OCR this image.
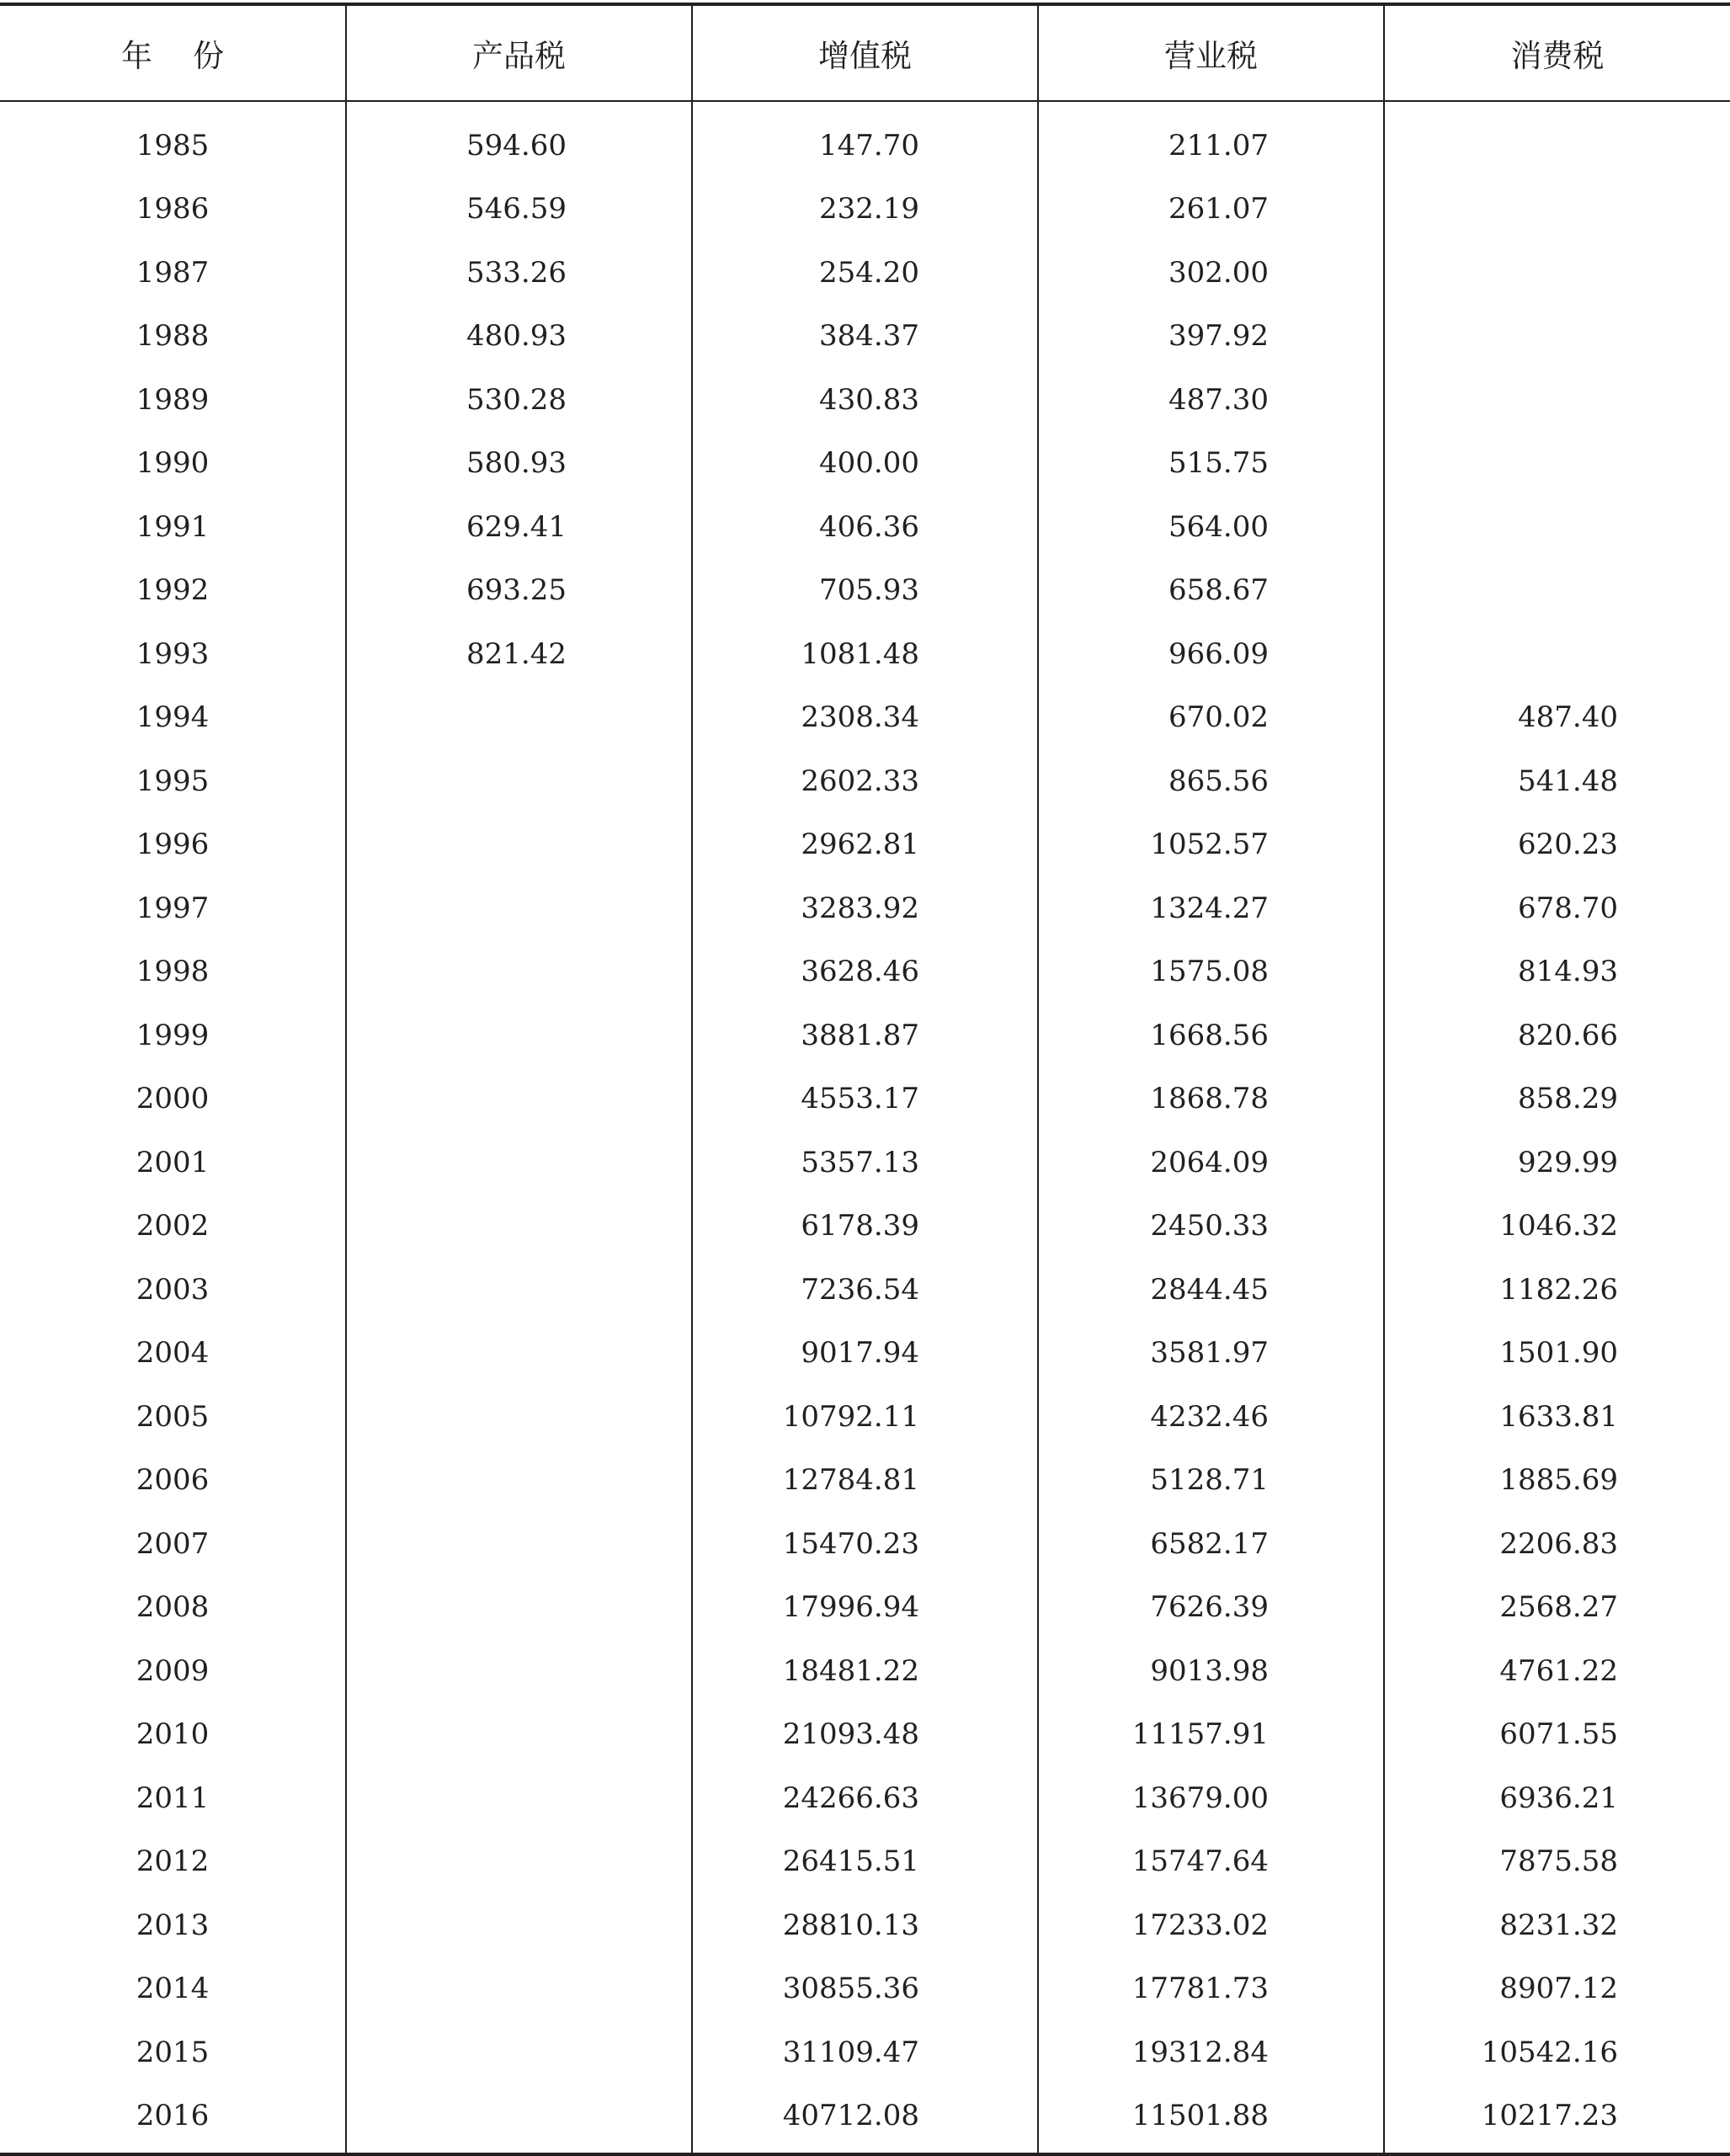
年份	产品税	增值税	营业税	消费税
1985	594.60	147.70	211.07	
1986	546.59	232.19	261.07	
1987	533.26	254.20	302.00	
1988	480.93	384.37	397.92	
1989	530.28	430.83	487.30	
1990	580.93	400.00	515.75	
1991	629.41	406.36	564.00	
1992	693.25	705.93	658.67	
1993	821.42	1081.48	966.09	
1994		2308.34	670.02	487.40
1995		2602.33	865.56	541.48
1996		2962.81	1052.57	620.23
1997		3283.92	1324.27	678.70
1998		3628.46	1575.08	814.93
1999		3881.87	1668.56	820.66
2000		4553.17	1868.78	858.29
2001		5357.13	2064.09	929.99
2002		6178.39	2450.33	1046.32
2003		7236.54	2844.45	1182.26
2004		9017.94	3581.97	1501.90
2005		10792.11	4232.46	1633.81
2006		12784.81	5128.71	1885.69
2007		15470.23	6582.17	2206.83
2008		17996.94	7626.39	2568.27
2009		18481.22	9013.98	4761.22
2010		21093.48	11157.91	6071.55
2011		24266.63	13679.00	6936.21
2012		26415.51	15747.64	7875.58
2013		28810.13	17233.02	8231.32
2014		30855.36	17781.73	8907.12
2015		31109.47	19312.84	10542.16
2016		40712.08	11501.88	10217.23
